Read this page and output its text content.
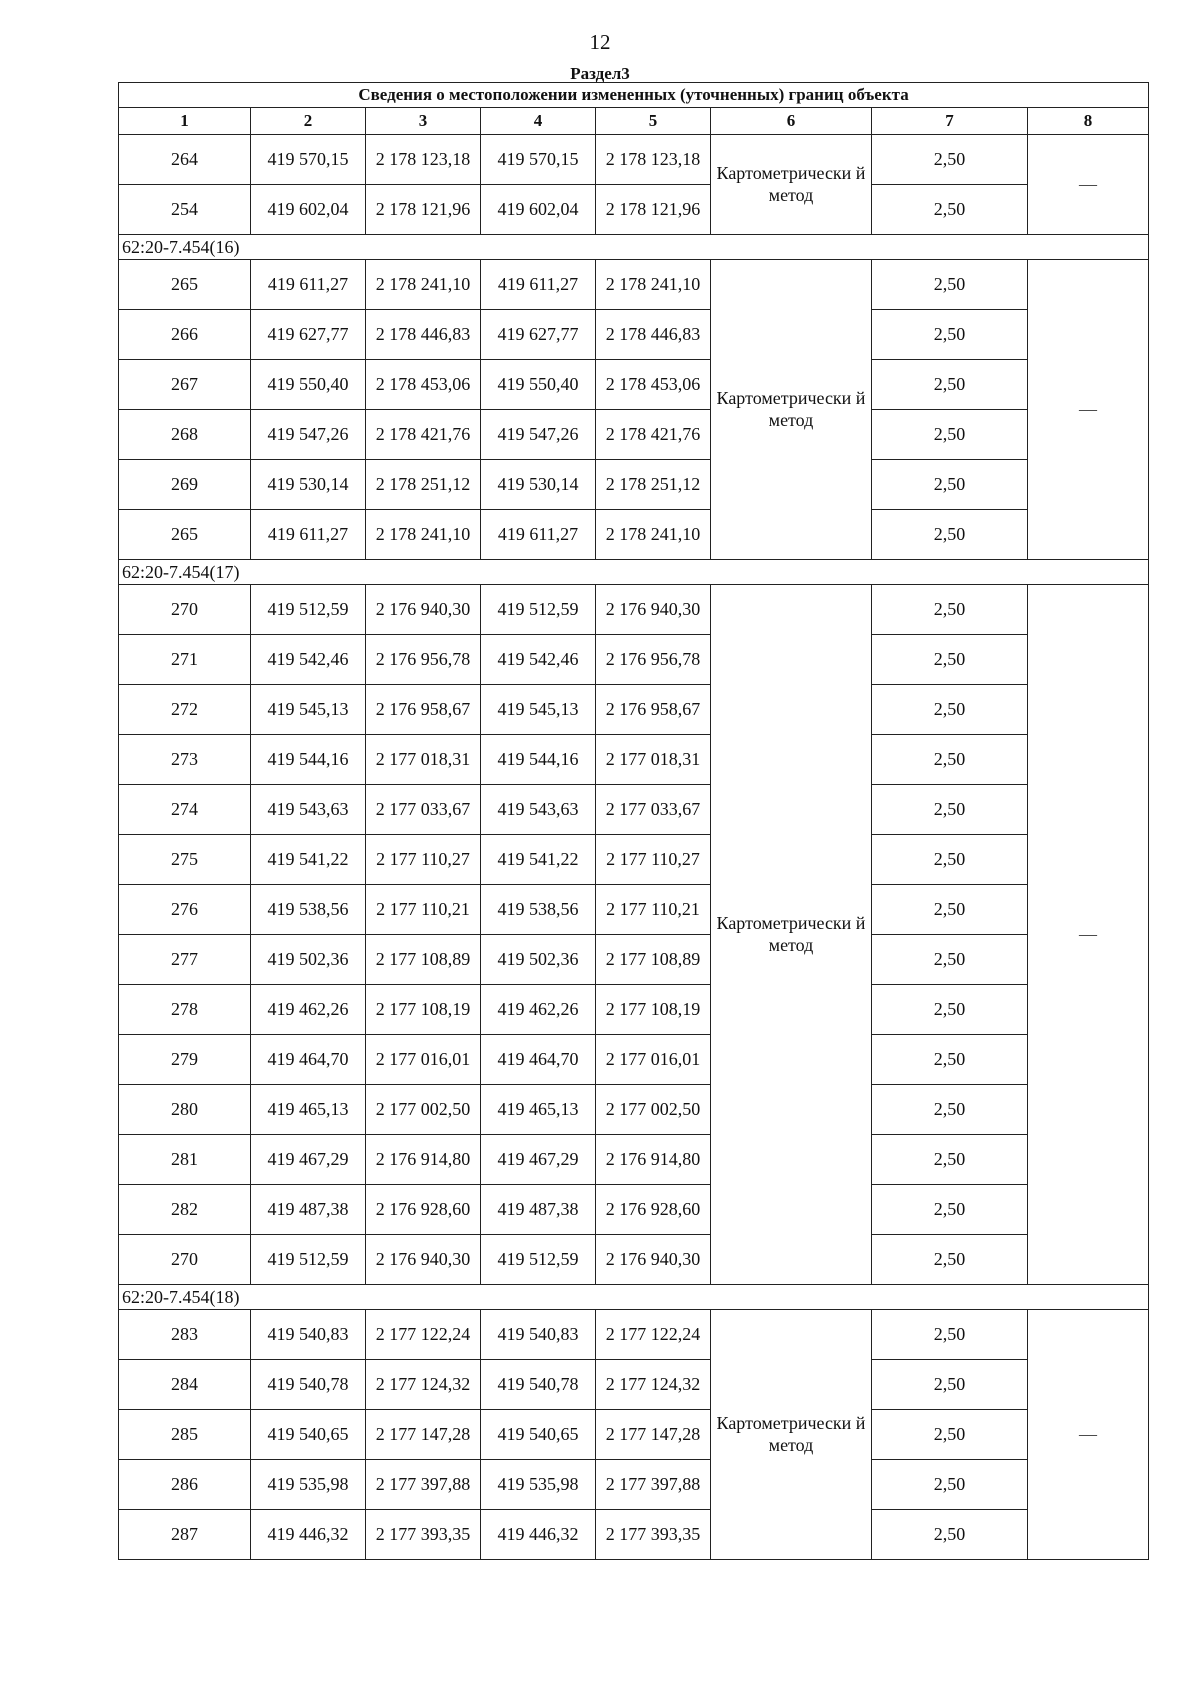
12
Раздел3
Сведения о местоположении измененных (уточненных) границ объекта							
1	2	3	4	5	6	7	8
264	419 570,15	2 178 123,18	419 570,15	2 178 123,18	Картометрически й метод	2,50	—
254	419 602,04	2 178 121,96	419 602,04	2 178 121,96		2,50	
62:20-7.454(16)							
265	419 611,27	2 178 241,10	419 611,27	2 178 241,10	Картометрически й метод	2,50	—
266	419 627,77	2 178 446,83	419 627,77	2 178 446,83		2,50	
267	419 550,40	2 178 453,06	419 550,40	2 178 453,06		2,50	
268	419 547,26	2 178 421,76	419 547,26	2 178 421,76		2,50	
269	419 530,14	2 178 251,12	419 530,14	2 178 251,12		2,50	
265	419 611,27	2 178 241,10	419 611,27	2 178 241,10		2,50	
62:20-7.454(17)							
270	419 512,59	2 176 940,30	419 512,59	2 176 940,30	Картометрически й метод	2,50	—
271	419 542,46	2 176 956,78	419 542,46	2 176 956,78		2,50	
272	419 545,13	2 176 958,67	419 545,13	2 176 958,67		2,50	
273	419 544,16	2 177 018,31	419 544,16	2 177 018,31		2,50	
274	419 543,63	2 177 033,67	419 543,63	2 177 033,67		2,50	
275	419 541,22	2 177 110,27	419 541,22	2 177 110,27		2,50	
276	419 538,56	2 177 110,21	419 538,56	2 177 110,21		2,50	
277	419 502,36	2 177 108,89	419 502,36	2 177 108,89		2,50	
278	419 462,26	2 177 108,19	419 462,26	2 177 108,19		2,50	
279	419 464,70	2 177 016,01	419 464,70	2 177 016,01		2,50	
280	419 465,13	2 177 002,50	419 465,13	2 177 002,50		2,50	
281	419 467,29	2 176 914,80	419 467,29	2 176 914,80		2,50	
282	419 487,38	2 176 928,60	419 487,38	2 176 928,60		2,50	
270	419 512,59	2 176 940,30	419 512,59	2 176 940,30		2,50	
62:20-7.454(18)							
283	419 540,83	2 177 122,24	419 540,83	2 177 122,24	Картометрически й метод	2,50	—
284	419 540,78	2 177 124,32	419 540,78	2 177 124,32		2,50	
285	419 540,65	2 177 147,28	419 540,65	2 177 147,28		2,50	
286	419 535,98	2 177 397,88	419 535,98	2 177 397,88		2,50	
287	419 446,32	2 177 393,35	419 446,32	2 177 393,35		2,50	
